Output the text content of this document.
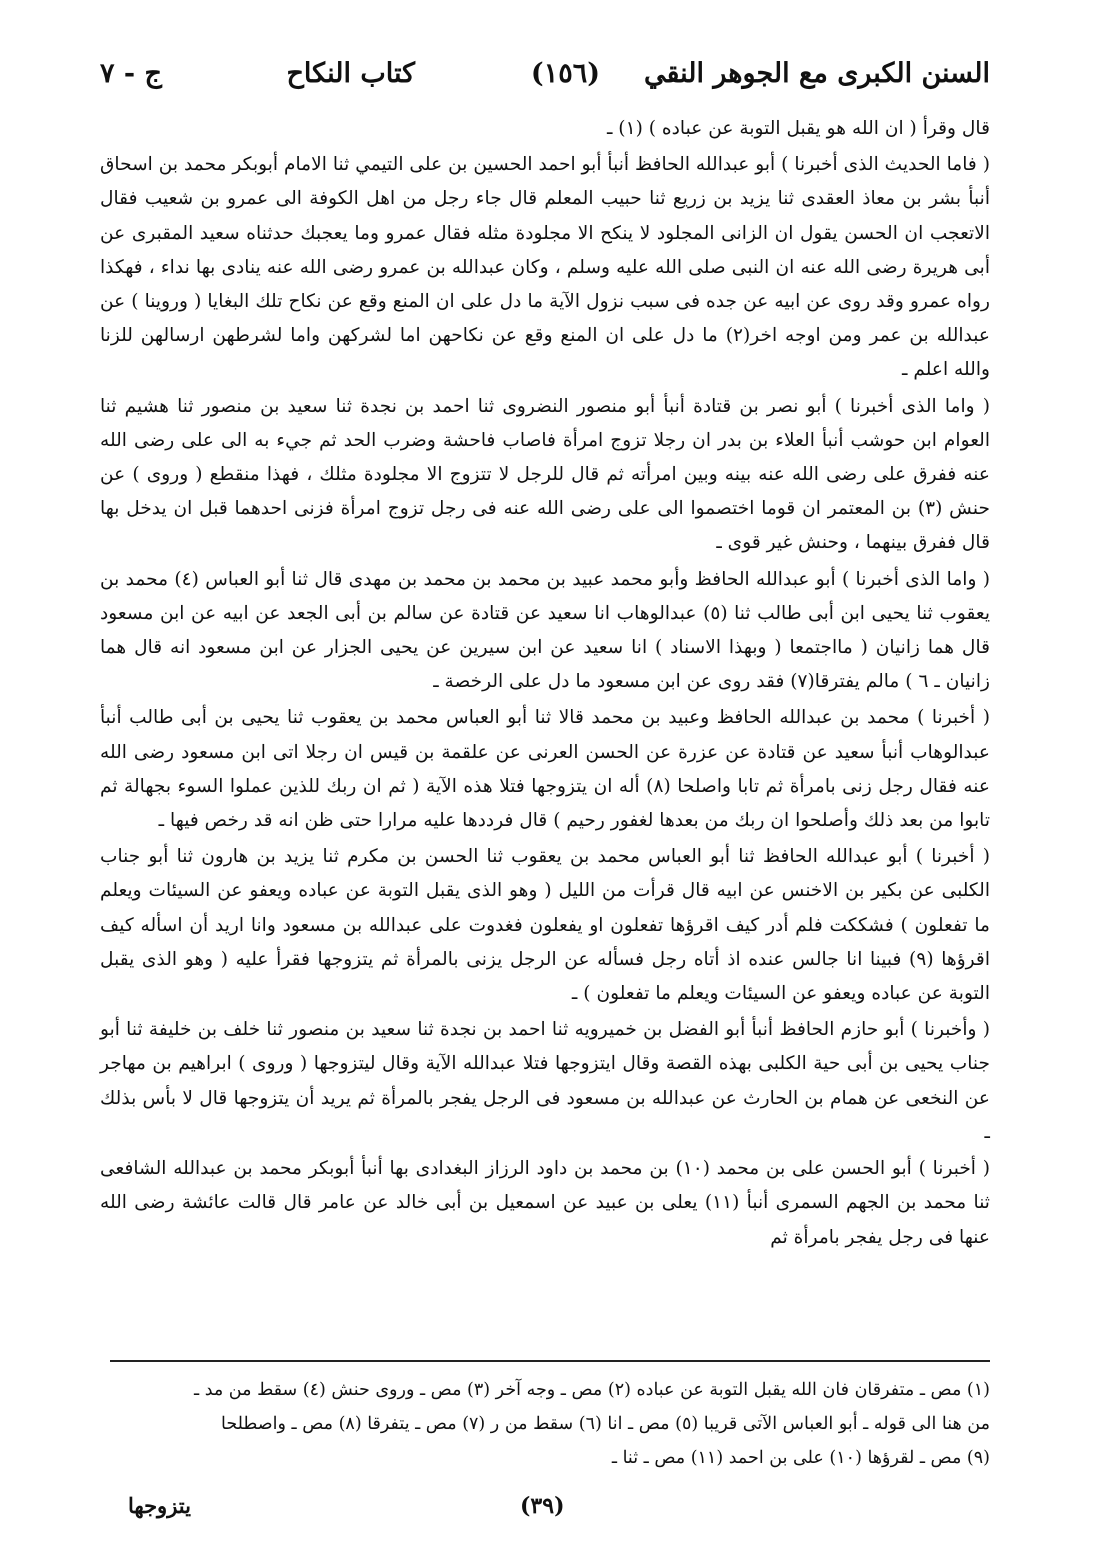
السنن الكبرى مع الجوهر النقي
(١٥٦)
كتاب النكاح
ج - ٧

قال وقرأ ( ان الله هو يقبل التوبة عن عباده ) (١) ـ

( فاما الحديث الذى أخبرنا ) أبو عبدالله الحافظ أنبأ أبو احمد الحسين بن على التيمي ثنا الامام أبوبكر محمد بن اسحاق أنبأ بشر بن معاذ العقدى ثنا يزيد بن زريع ثنا حبيب المعلم قال جاء رجل من اهل الكوفة الى عمرو بن شعيب فقال الاتعجب ان الحسن يقول ان الزانى المجلود لا ينكح الا مجلودة مثله فقال عمرو وما يعجبك حدثناه سعيد المقبرى عن أبى هريرة رضى الله عنه ان النبى صلى الله عليه وسلم ، وكان عبدالله بن عمرو رضى الله عنه ينادى بها نداء ، فهكذا رواه عمرو وقد روى عن ابيه عن جده فى سبب نزول الآية ما دل على ان المنع وقع عن نكاح تلك البغايا ( وروينا ) عن عبدالله بن عمر ومن اوجه اخر(٢) ما دل على ان المنع وقع عن نكاحهن اما لشركهن واما لشرطهن ارسالهن للزنا والله اعلم ـ

( واما الذى أخبرنا ) أبو نصر بن قتادة أنبأ أبو منصور النضروى ثنا احمد بن نجدة ثنا سعيد بن منصور ثنا هشيم ثنا العوام ابن حوشب أنبأ العلاء بن بدر ان رجلا تزوج امرأة فاصاب فاحشة وضرب الحد ثم جيء به الى على رضى الله عنه ففرق على رضى الله عنه بينه وبين امرأته ثم قال للرجل لا تتزوج الا مجلودة مثلك ، فهذا منقطع ( وروى ) عن حنش (٣) بن المعتمر ان قوما اختصموا الى على رضى الله عنه فى رجل تزوج امرأة فزنى احدهما قبل ان يدخل بها قال ففرق بينهما ، وحنش غير قوى ـ

( واما الذى أخبرنا ) أبو عبدالله الحافظ وأبو محمد عبيد بن محمد بن محمد بن مهدى قال ثنا أبو العباس (٤) محمد بن يعقوب ثنا يحيى ابن أبى طالب ثنا (٥) عبدالوهاب انا سعيد عن قتادة عن سالم بن أبى الجعد عن ابيه عن ابن مسعود قال هما زانيان ( مااجتمعا ( وبهذا الاسناد ) انا سعيد عن ابن سيرين عن يحيى الجزار عن ابن مسعود انه قال هما زانيان ـ ٦ ) مالم يفترقا(٧) فقد روى عن ابن مسعود ما دل على الرخصة ـ

( أخبرنا ) محمد بن عبدالله الحافظ وعبيد بن محمد قالا ثنا أبو العباس محمد بن يعقوب ثنا يحيى بن أبى طالب أنبأ عبدالوهاب أنبأ سعيد عن قتادة عن عزرة عن الحسن العرنى عن علقمة بن قيس ان رجلا اتى ابن مسعود رضى الله عنه فقال رجل زنى بامرأة ثم تابا واصلحا (٨) أله ان يتزوجها فتلا هذه الآية ( ثم ان ربك للذين عملوا السوء بجهالة ثم تابوا من بعد ذلك وأصلحوا ان ربك من بعدها لغفور رحيم ) قال فرددها عليه مرارا حتى ظن انه قد رخص فيها ـ

( أخبرنا ) أبو عبدالله الحافظ ثنا أبو العباس محمد بن يعقوب ثنا الحسن بن مكرم ثنا يزيد بن هارون ثنا أبو جناب الكلبى عن بكير بن الاخنس عن ابيه قال قرأت من الليل ( وهو الذى يقبل التوبة عن عباده ويعفو عن السيئات ويعلم ما تفعلون ) فشككت فلم أدر كيف اقرؤها تفعلون او يفعلون فغدوت على عبدالله بن مسعود وانا اريد أن اسأله كيف اقرؤها (٩) فبينا انا جالس عنده اذ أتاه رجل فسأله عن الرجل يزنى بالمرأة ثم يتزوجها فقرأ عليه ( وهو الذى يقبل التوبة عن عباده ويعفو عن السيئات ويعلم ما تفعلون ) ـ

( وأخبرنا ) أبو حازم الحافظ أنبأ أبو الفضل بن خميرويه ثنا احمد بن نجدة ثنا سعيد بن منصور ثنا خلف بن خليفة ثنا أبو جناب يحيى بن أبى حية الكلبى بهذه القصة وقال ايتزوجها فتلا عبدالله الآية وقال ليتزوجها ( وروى ) ابراهيم بن مهاجر عن النخعى عن همام بن الحارث عن عبدالله بن مسعود فى الرجل يفجر بالمرأة ثم يريد أن يتزوجها قال لا بأس بذلك ـ

( أخبرنا ) أبو الحسن على بن محمد (١٠) بن محمد بن داود الرزاز البغدادى بها أنبأ أبوبكر محمد بن عبدالله الشافعى ثنا محمد بن الجهم السمرى أنبأ (١١) يعلى بن عبيد عن اسمعيل بن أبى خالد عن عامر قال قالت عائشة رضى الله عنها فى رجل يفجر بامرأة ثم

(١) مص ـ متفرقان فان الله يقبل التوبة عن عباده (٢) مص ـ وجه آخر (٣) مص ـ وروى حنش (٤) سقط من مد ـ

من هنا الى قوله ـ أبو العباس الآتى قريبا (٥) مص ـ انا (٦) سقط من ر (٧) مص ـ يتفرقا (٨) مص ـ واصطلحا

(٩) مص ـ لقرؤها (١٠) على بن احمد (١١) مص ـ ثنا ـ

(٣٩)
يتزوجها
